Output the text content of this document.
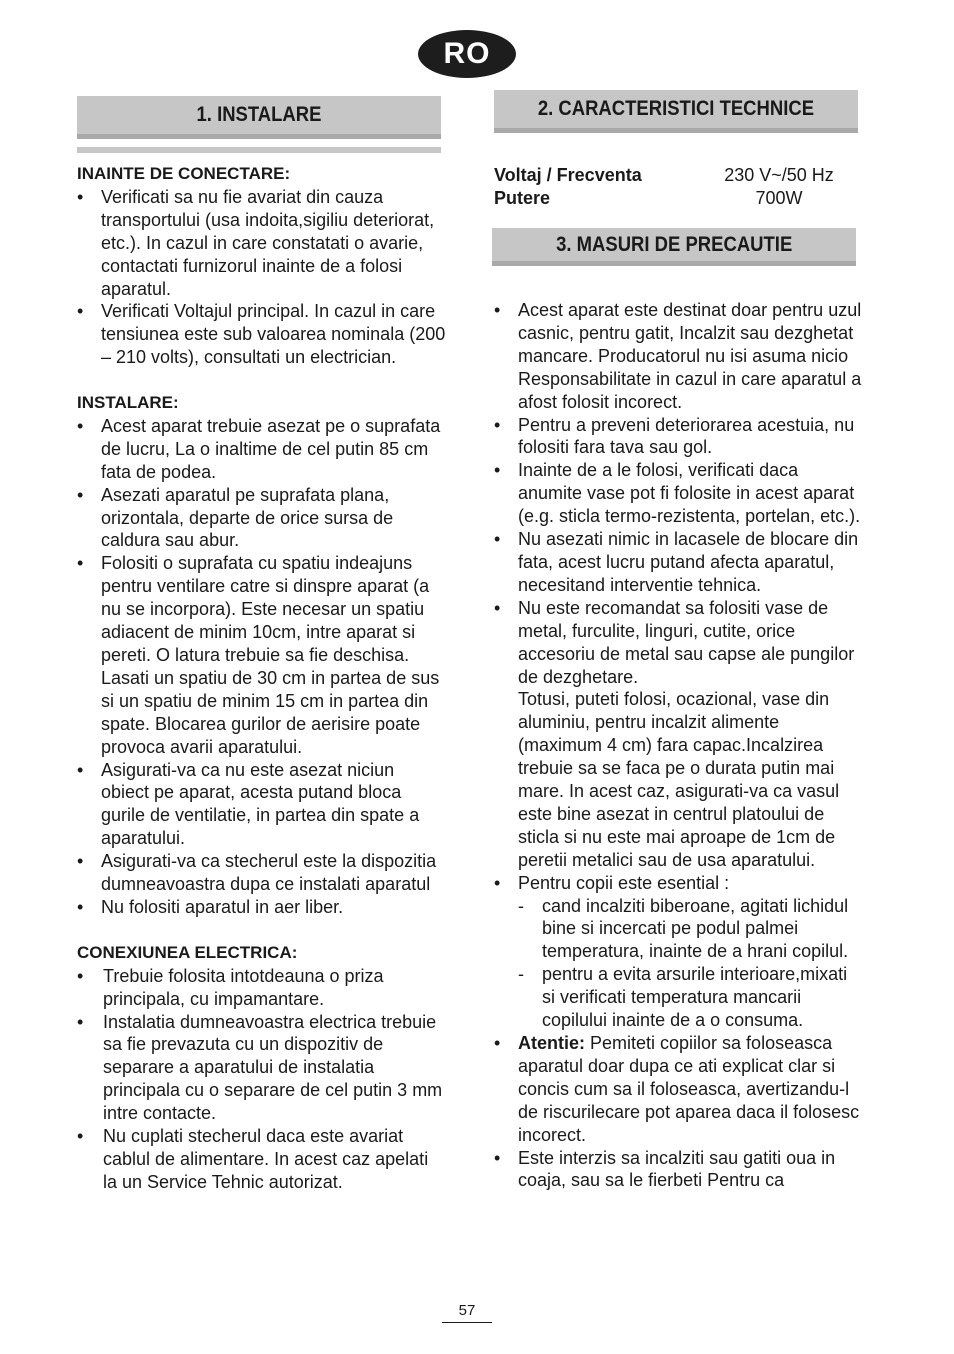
RO
1. INSTALARE	2. CARACTERISTICI TECHNICE
Voltaj / Frecventa	230 V~/50 Hz
Putere	700W
3. MASURI DE PRECAUTIE
INAINTE DE CONECTARE:
• Verificati sa nu fie avariat din cauza transportului (usa indoita,sigiliu deteriorat, etc.). In cazul in care constatati o avarie, contactati furnizorul inainte de a folosi aparatul.
• Verificati Voltajul principal. In cazul in care tensiunea este sub valoarea nominala (200 – 210 volts), consultati un electrician.
INSTALARE:
• Acest aparat trebuie asezat pe o suprafata de lucru, La o inaltime de cel putin 85 cm fata de podea.
• Asezati aparatul pe suprafata plana, orizontala, departe de orice sursa de caldura sau abur.
• Folositi o suprafata cu spatiu indeajuns pentru ventilare catre si dinspre aparat (a nu se incorpora). Este necesar un spatiu adiacent de minim 10cm, intre aparat si pereti. O latura trebuie sa fie deschisa. Lasati un spatiu de 30 cm in partea de sus si un spatiu de minim 15 cm in partea din spate. Blocarea gurilor de aerisire poate provoca avarii aparatului.
• Asigurati-va ca nu este asezat niciun obiect pe aparat, acesta putand bloca gurile de ventilatie, in partea din spate a aparatului.
• Asigurati-va ca stecherul este la dispozitia dumneavoastra dupa ce instalati aparatul
• Nu folositi aparatul in aer liber.
CONEXIUNEA ELECTRICA:
• Trebuie folosita intotdeauna o priza principala, cu impamantare.
• Instalatia dumneavoastra electrica trebuie sa fie prevazuta cu un dispozitiv de separare a aparatului de instalatia principala cu o separare de cel putin 3 mm intre contacte.
• Nu cuplati stecherul daca este avariat cablul de alimentare. In acest caz apelati la un Service Tehnic autorizat.
• Acest aparat este destinat doar pentru uzul casnic, pentru gatit, Incalzit sau dezghetat mancare. Producatorul nu isi asuma nicio Responsabilitate in cazul in care aparatul a afost folosit incorect.
• Pentru a preveni deteriorarea acestuia, nu folositi fara tava sau gol.
• Inainte de a le folosi, verificati daca anumite vase pot fi folosite in acest aparat (e.g. sticla termo-rezistenta, portelan, etc.).
• Nu asezati nimic in lacasele de blocare din fata, acest lucru putand afecta aparatul, necesitand interventie tehnica.
• Nu este recomandat sa folositi vase de metal, furculite, linguri, cutite, orice accesoriu de metal sau capse ale pungilor de dezghetare.
Totusi, puteti folosi, ocazional, vase din aluminiu, pentru incalzit alimente (maximum 4 cm) fara capac.Incalzirea trebuie sa se faca pe o durata putin mai mare. In acest caz, asigurati-va ca vasul este bine asezat in centrul platoului de sticla si nu este mai aproape de 1cm de peretii metalici sau de usa aparatului.
• Pentru copii este esential :
- cand incalziti biberoane, agitati lichidul bine si incercati pe podul palmei temperatura, inainte de a hrani copilul.
- pentru a evita arsurile interioare,mixati si verificati temperatura mancarii copilului inainte de a o consuma.
• Atentie: Pemiteti copiilor sa foloseasca aparatul doar dupa ce ati explicat clar si concis cum sa il foloseasca, avertizandu-l de riscurilecare pot aparea daca il folosesc incorect.
• Este interzis sa incalziti sau gatiti oua in coaja, sau sa le fierbeti Pentru ca
57
